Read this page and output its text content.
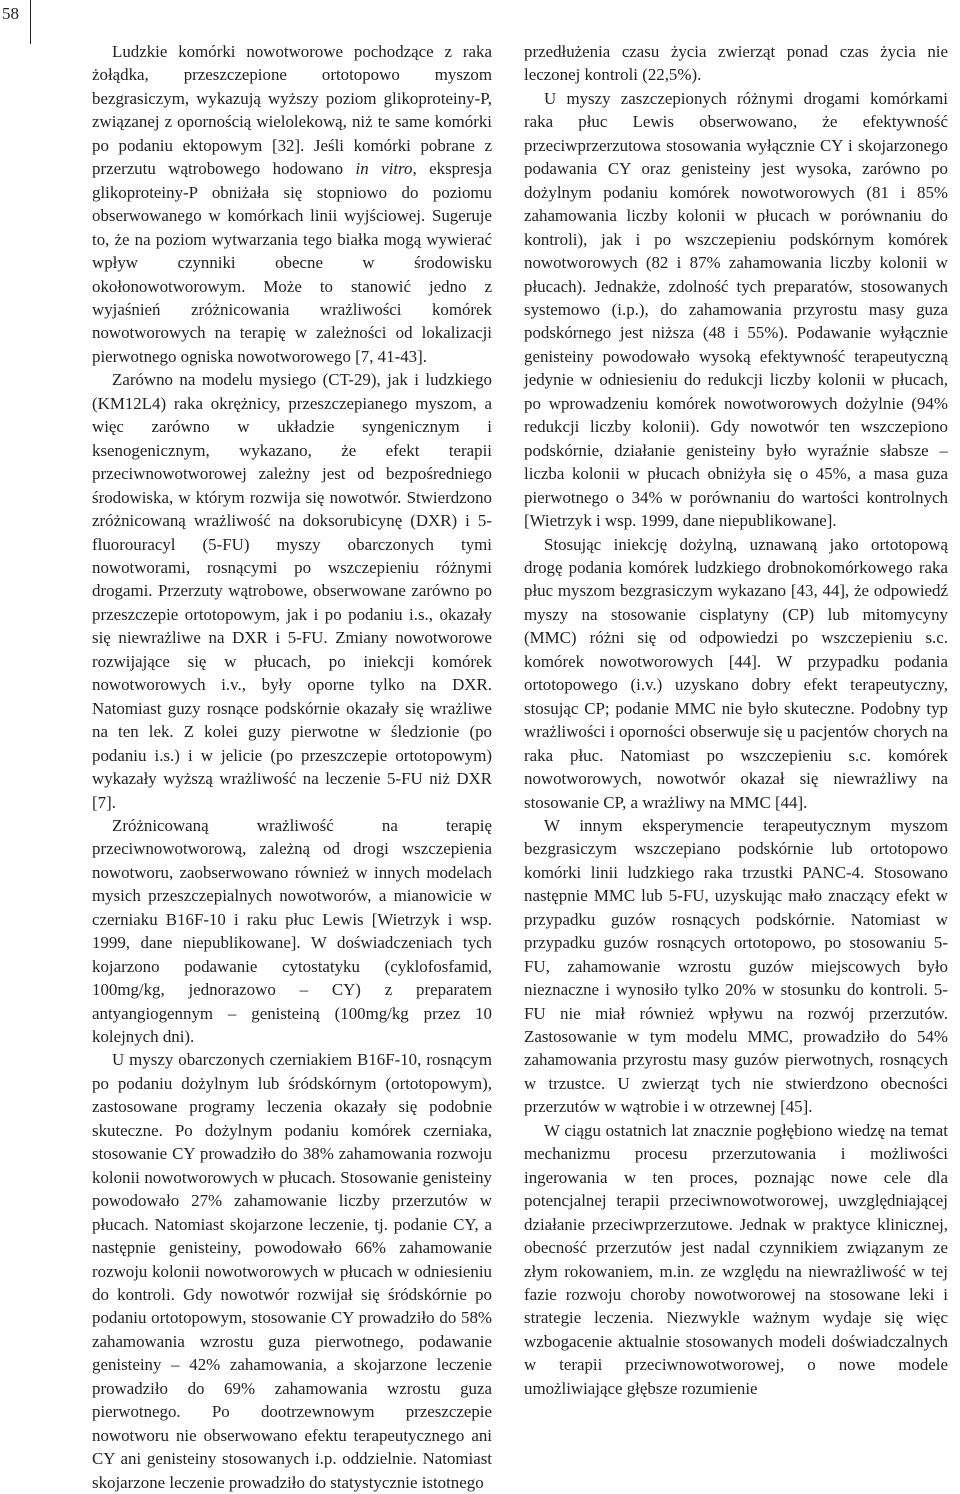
58

Ludzkie komórki nowotworowe pochodzące z raka żołądka, przeszczepione ortotopowo myszom bezgrasiczym, wykazują wyższy poziom glikoproteiny-P, związanej z opornością wielolekową, niż te same komórki po podaniu ektopowym [32]. Jeśli komórki pobrane z przerzutu wątrobowego hodowano in vitro, ekspresja glikoproteiny-P obniżała się stopniowo do poziomu obserwowanego w komórkach linii wyjściowej. Sugeruje to, że na poziom wytwarzania tego białka mogą wywierać wpływ czynniki obecne w środowisku okołonowotworowym. Może to stanowić jedno z wyjaśnień zróżnicowania wrażliwości komórek nowotworowych na terapię w zależności od lokalizacji pierwotnego ogniska nowotworowego [7, 41-43].

Zarówno na modelu mysiego (CT-29), jak i ludzkiego (KM12L4) raka okrężnicy, przeszczepianego myszom, a więc zarówno w układzie syngenicznym i ksenogenicznym, wykazano, że efekt terapii przeciwnowotworowej zależny jest od bezpośredniego środowiska, w którym rozwija się nowotwór. Stwierdzono zróżnicowaną wrażliwość na doksorubicynę (DXR) i 5-fluorouracyl (5-FU) myszy obarczonych tymi nowotworami, rosnącymi po wszczepieniu różnymi drogami. Przerzuty wątrobowe, obserwowane zarówno po przeszczepie ortotopowym, jak i po podaniu i.s., okazały się niewrażliwe na DXR i 5-FU. Zmiany nowotworowe rozwijające się w płucach, po iniekcji komórek nowotworowych i.v., były oporne tylko na DXR. Natomiast guzy rosnące podskórnie okazały się wrażliwe na ten lek. Z kolei guzy pierwotne w śledzionie (po podaniu i.s.) i w jelicie (po przeszczepie ortotopowym) wykazały wyższą wrażliwość na leczenie 5-FU niż DXR [7].

Zróżnicowaną wrażliwość na terapię przeciwnowotworową, zależną od drogi wszczepienia nowotworu, zaobserwowano również w innych modelach mysich przeszczepialnych nowotworów, a mianowicie w czerniaku B16F-10 i raku płuc Lewis [Wietrzyk i wsp. 1999, dane niepublikowane]. W doświadczeniach tych kojarzono podawanie cytostatyku (cyklofosfamid, 100mg/kg, jednorazowo – CY) z preparatem antyangiogennym – genisteiną (100mg/kg przez 10 kolejnych dni).

U myszy obarczonych czerniakiem B16F-10, rosnącym po podaniu dożylnym lub śródskórnym (ortotopowym), zastosowane programy leczenia okazały się podobnie skuteczne. Po dożylnym podaniu komórek czerniaka, stosowanie CY prowadziło do 38% zahamowania rozwoju kolonii nowotworowych w płucach. Stosowanie genisteiny powodowało 27% zahamowanie liczby przerzutów w płucach. Natomiast skojarzone leczenie, tj. podanie CY, a następnie genisteiny, powodowało 66% zahamowanie rozwoju kolonii nowotworowych w płucach w odniesieniu do kontroli. Gdy nowotwór rozwijał się śródskórnie po podaniu ortotopowym, stosowanie CY prowadziło do 58% zahamowania wzrostu guza pierwotnego, podawanie genisteiny – 42% zahamowania, a skojarzone leczenie prowadziło do 69% zahamowania wzrostu guza pierwotnego. Po dootrzewnowym przeszczepie nowotworu nie obserwowano efektu terapeutycznego ani CY ani genisteiny stosowanych i.p. oddzielnie. Natomiast skojarzone leczenie prowadziło do statystycznie istotnego

przedłużenia czasu życia zwierząt ponad czas życia nie leczonej kontroli (22,5%).

U myszy zaszczepionych różnymi drogami komórkami raka płuc Lewis obserwowano, że efektywność przeciwprzerzutowa stosowania wyłącznie CY i skojarzonego podawania CY oraz genisteiny jest wysoka, zarówno po dożylnym podaniu komórek nowotworowych (81 i 85% zahamowania liczby kolonii w płucach w porównaniu do kontroli), jak i po wszczepieniu podskórnym komórek nowotworowych (82 i 87% zahamowania liczby kolonii w płucach). Jednakże, zdolność tych preparatów, stosowanych systemowo (i.p.), do zahamowania przyrostu masy guza podskórnego jest niższa (48 i 55%). Podawanie wyłącznie genisteiny powodowało wysoką efektywność terapeutyczną jedynie w odniesieniu do redukcji liczby kolonii w płucach, po wprowadzeniu komórek nowotworowych dożylnie (94% redukcji liczby kolonii). Gdy nowotwór ten wszczepiono podskórnie, działanie genisteiny było wyraźnie słabsze – liczba kolonii w płucach obniżyła się o 45%, a masa guza pierwotnego o 34% w porównaniu do wartości kontrolnych [Wietrzyk i wsp. 1999, dane niepublikowane].

Stosując iniekcję dożylną, uznawaną jako ortotopową drogę podania komórek ludzkiego drobnokomórkowego raka płuc myszom bezgrasiczym wykazano [43, 44], że odpowiedź myszy na stosowanie cisplatyny (CP) lub mitomycyny (MMC) różni się od odpowiedzi po wszczepieniu s.c. komórek nowotworowych [44]. W przypadku podania ortotopowego (i.v.) uzyskano dobry efekt terapeutyczny, stosując CP; podanie MMC nie było skuteczne. Podobny typ wrażliwości i oporności obserwuje się u pacjentów chorych na raka płuc. Natomiast po wszczepieniu s.c. komórek nowotworowych, nowotwór okazał się niewrażliwy na stosowanie CP, a wrażliwy na MMC [44].

W innym eksperymencie terapeutycznym myszom bezgrasiczym wszczepiano podskórnie lub ortotopowo komórki linii ludzkiego raka trzustki PANC-4. Stosowano następnie MMC lub 5-FU, uzyskując mało znaczący efekt w przypadku guzów rosnących podskórnie. Natomiast w przypadku guzów rosnących ortotopowo, po stosowaniu 5-FU, zahamowanie wzrostu guzów miejscowych było nieznaczne i wynosiło tylko 20% w stosunku do kontroli. 5-FU nie miał również wpływu na rozwój przerzutów. Zastosowanie w tym modelu MMC, prowadziło do 54% zahamowania przyrostu masy guzów pierwotnych, rosnących w trzustce. U zwierząt tych nie stwierdzono obecności przerzutów w wątrobie i w otrzewnej [45].

W ciągu ostatnich lat znacznie pogłębiono wiedzę na temat mechanizmu procesu przerzutowania i możliwości ingerowania w ten proces, poznając nowe cele dla potencjalnej terapii przeciwnowotworowej, uwzględniającej działanie przeciwprzerzutowe. Jednak w praktyce klinicznej, obecność przerzutów jest nadal czynnikiem związanym ze złym rokowaniem, m.in. ze względu na niewrażliwość w tej fazie rozwoju choroby nowotworowej na stosowane leki i strategie leczenia. Niezwykle ważnym wydaje się więc wzbogacenie aktualnie stosowanych modeli doświadczalnych w terapii przeciwnowotworowej, o nowe modele umożliwiające głębsze rozumienie
